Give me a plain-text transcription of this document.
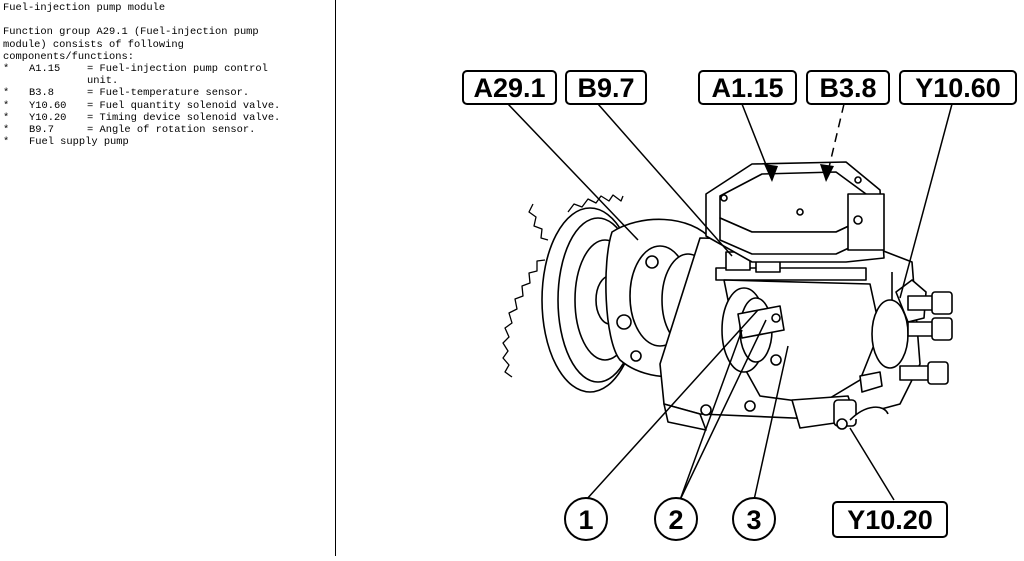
Fuel-injection pump module
Function group A29.1 (Fuel-injection pump
module) consists of following
components/functions:
*	A1.15	= Fuel-injection pump control
unit.
*	B3.8	= Fuel-temperature sensor.
*	Y10.60	= Fuel quantity solenoid valve.
*	Y10.20	= Timing device solenoid valve.
*	B9.7	= Angle of rotation sensor.
*	Fuel supply pump
A29.1 B9.7	A1.15 B3.8 Y10.60
Y10.20
1	2 3
